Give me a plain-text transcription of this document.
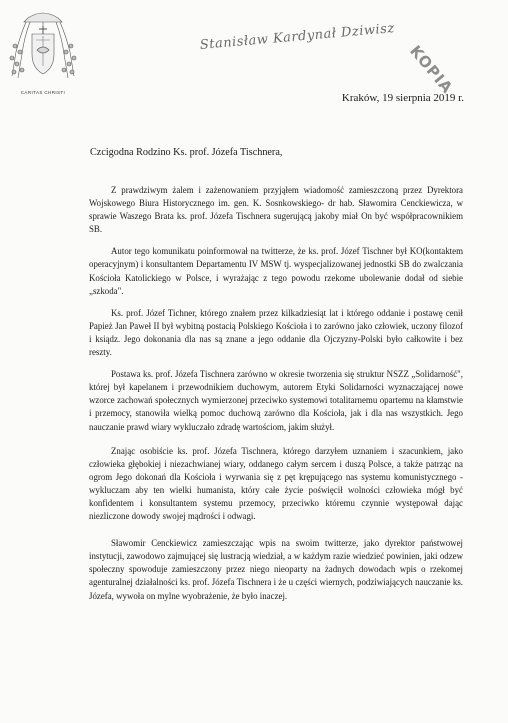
CARITAS CHRISTI
Stanisław Kardynał Dziwisz
KOPIA
Kraków, 19 sierpnia 2019 r.
Czcigodna Rodzino Ks. prof. Józefa Tischnera,

Z prawdziwym żalem i zażenowaniem przyjąłem wiadomość zamieszczoną przez Dyrektora Wojskowego Biura Historycznego im. gen. K. Sosnkowskiego- dr hab. Sławomira Cenckiewicza, w sprawie Waszego Brata ks. prof. Józefa Tischnera sugerującą jakoby miał On być współpracownikiem SB.

Autor tego komunikatu poinformował na twitterze, że ks. prof. Józef Tischner był KO(kontaktem operacyjnym) i konsultantem Departamentu IV MSW tj. wyspecjalizowanej jednostki SB do zwalczania Kościoła Katolickiego w Polsce, i wyrażając z tego powodu rzekome ubolewanie dodał od siebie „szkoda".

Ks. prof. Józef Tichner, którego znałem przez kilkadziesiąt lat i którego oddanie i postawę cenił Papież Jan Paweł II był wybitną postacią Polskiego Kościoła i to zarówno jako człowiek, uczony filozof i ksiądz. Jego dokonania dla nas są znane a jego oddanie dla Ojczyzny-Polski było całkowite i bez reszty.

Postawa ks. prof. Józefa Tischnera zarówno w okresie tworzenia się struktur NSZZ „Solidarność", której był kapelanem i przewodnikiem duchowym, autorem Etyki Solidarności wyznaczającej nowe wzorce zachowań społecznych wymierzonej przeciwko systemowi totalitarnemu opartemu na kłamstwie i przemocy, stanowiła wielką pomoc duchową zarówno dla Kościoła, jak i dla nas wszystkich. Jego nauczanie prawd wiary wykluczało zdradę wartościom, jakim służył.

Znając osobiście ks. prof. Józefa Tischnera, którego darzyłem uznaniem i szacunkiem, jako człowieka głębokiej i niezachwianej wiary, oddanego całym sercem i duszą Polsce, a także patrząc na ogrom Jego dokonań dla Kościoła i wyrwania się z pęt krępującego nas systemu komunistycznego - wykluczam aby ten wielki humanista, który całe życie poświęcił wolności człowieka mógł być konfidentem i konsultantem systemu przemocy, przeciwko któremu czynnie występował dając niezliczone dowody swojej mądrości i odwagi.

Sławomir Cenckiewicz zamieszczając wpis na swoim twitterze, jako dyrektor państwowej instytucji, zawodowo zajmującej się lustracją wiedział, a w każdym razie wiedzieć powinien, jaki odzew społeczny spowoduje zamieszczony przez niego nieoparty na żadnych dowodach wpis o rzekomej agenturalnej działalności ks. prof. Józefa Tischnera i że u części wiernych, podziwiających nauczanie ks. Józefa, wywoła on mylne wyobrażenie, że było inaczej.
